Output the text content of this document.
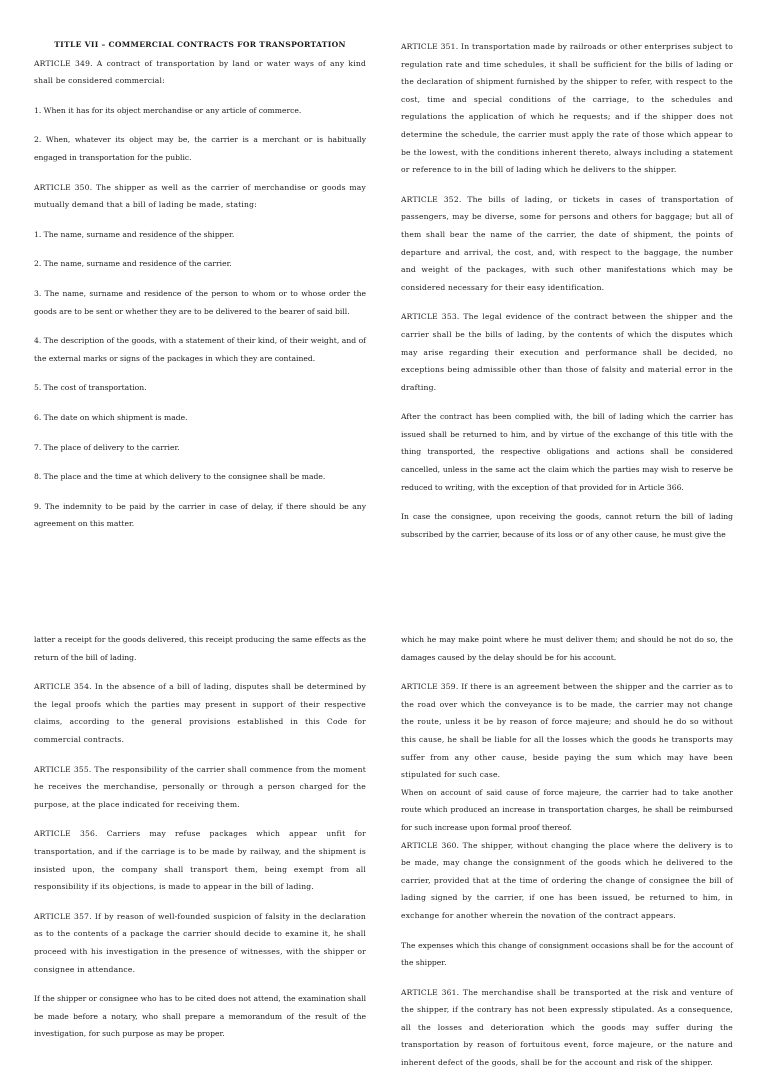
TITLE VII – COMMERCIAL CONTRACTS FOR TRANSPORTATION

ARTICLE 349. A contract of transportation by land or water ways of any kind shall be considered commercial:

1. When it has for its object merchandise or any article of commerce.

2. When, whatever its object may be, the carrier is a merchant or is habitually engaged in transportation for the public.

ARTICLE 350. The shipper as well as the carrier of merchandise or goods may mutually demand that a bill of lading be made, stating:

1. The name, surname and residence of the shipper.

2. The name, surname and residence of the carrier.

3. The name, surname and residence of the person to whom or to whose order the goods are to be sent or whether they are to be delivered to the bearer of said bill.

4. The description of the goods, with a statement of their kind, of their weight, and of the external marks or signs of the packages in which they are contained.

5. The cost of transportation.

6. The date on which shipment is made.

7. The place of delivery to the carrier.

8. The place and the time at which delivery to the consignee shall be made.

9. The indemnity to be paid by the carrier in case of delay, if there should be any agreement on this matter.

ARTICLE 351. In transportation made by railroads or other enterprises subject to regulation rate and time schedules, it shall be sufficient for the bills of lading or the declaration of shipment furnished by the shipper to refer, with respect to the cost, time and special conditions of the carriage, to the schedules and regulations the application of which he requests; and if the shipper does not determine the schedule, the carrier must apply the rate of those which appear to be the lowest, with the conditions inherent thereto, always including a statement or reference to in the bill of lading which he delivers to the shipper.

ARTICLE 352. The bills of lading, or tickets in cases of transportation of passengers, may be diverse, some for persons and others for baggage; but all of them shall bear the name of the carrier, the date of shipment, the points of departure and arrival, the cost, and, with respect to the baggage, the number and weight of the packages, with such other manifestations which may be considered necessary for their easy identification.

ARTICLE 353. The legal evidence of the contract between the shipper and the carrier shall be the bills of lading, by the contents of which the disputes which may arise regarding their execution and performance shall be decided, no exceptions being admissible other than those of falsity and material error in the drafting.

After the contract has been complied with, the bill of lading which the carrier has issued shall be returned to him, and by virtue of the exchange of this title with the thing transported, the respective obligations and actions shall be considered cancelled, unless in the same act the claim which the parties may wish to reserve be reduced to writing, with the exception of that provided for in Article 366.

In case the consignee, upon receiving the goods, cannot return the bill of lading subscribed by the carrier, because of its loss or of any other cause, he must give the

latter a receipt for the goods delivered, this receipt producing the same effects as the return of the bill of lading.

ARTICLE 354. In the absence of a bill of lading, disputes shall be determined by the legal proofs which the parties may present in support of their respective claims, according to the general provisions established in this Code for commercial contracts.

ARTICLE 355. The responsibility of the carrier shall commence from the moment he receives the merchandise, personally or through a person charged for the purpose, at the place indicated for receiving them.

ARTICLE 356. Carriers may refuse packages which appear unfit for transportation, and if the carriage is to be made by railway, and the shipment is insisted upon, the company shall transport them, being exempt from all responsibility if its objections, is made to appear in the bill of lading.

ARTICLE 357. If by reason of well-founded suspicion of falsity in the declaration as to the contents of a package the carrier should decide to examine it, he shall proceed with his investigation in the presence of witnesses, with the shipper or consignee in attendance.

If the shipper or consignee who has to be cited does not attend, the examination shall be made before a notary, who shall prepare a memorandum of the result of the investigation, for such purpose as may be proper.

which he may make point where he must deliver them; and should he not do so, the damages caused by the delay should be for his account.

ARTICLE 359. If there is an agreement between the shipper and the carrier as to the road over which the conveyance is to be made, the carrier may not change the route, unless it be by reason of force majeure; and should he do so without this cause, he shall be liable for all the losses which the goods he transports may suffer from any other cause, beside paying the sum which may have been stipulated for such case.

When on account of said cause of force majeure, the carrier had to take another route which produced an increase in transportation charges, he shall be reimbursed for such increase upon formal proof thereof.

ARTICLE 360. The shipper, without changing the place where the delivery is to be made, may change the consignment of the goods which he delivered to the carrier, provided that at the time of ordering the change of consignee the bill of lading signed by the carrier, if one has been issued, be returned to him, in exchange for another wherein the novation of the contract appears.

The expenses which this change of consignment occasions shall be for the account of the shipper.

ARTICLE 361. The merchandise shall be transported at the risk and venture of the shipper, if the contrary has not been expressly stipulated. As a consequence, all the losses and deterioration which the goods may suffer during the transportation by reason of fortuitous event, force majeure, or the nature and inherent defect of the goods, shall be for the account and risk of the shipper.
